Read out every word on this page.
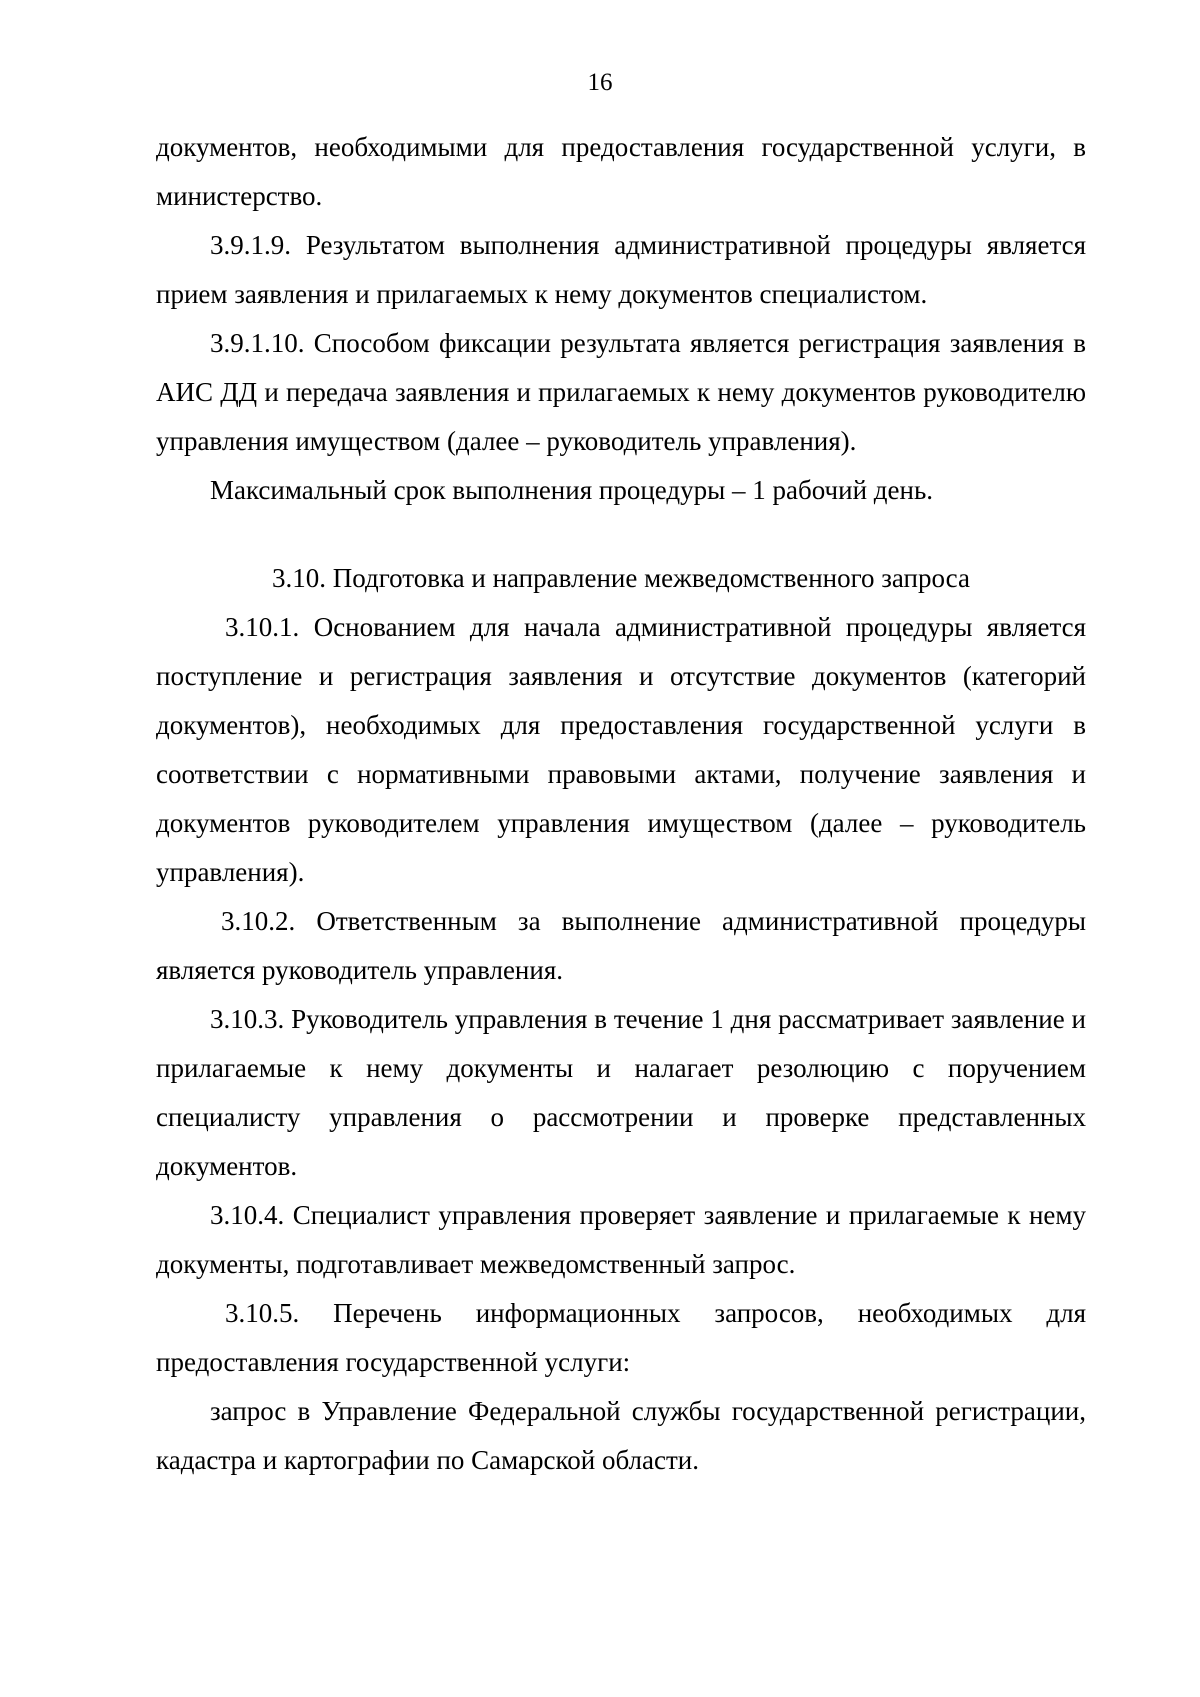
16

документов, необходимыми для предоставления государственной услуги, в министерство.

3.9.1.9. Результатом выполнения административной процедуры является прием заявления и прилагаемых к нему документов специалистом.

3.9.1.10. Способом фиксации результата является регистрация заявления в АИС ДД и передача заявления и прилагаемых к нему документов руководителю управления имуществом (далее – руководитель управления).

Максимальный срок выполнения процедуры – 1 рабочий день.

3.10. Подготовка и направление межведомственного запроса

3.10.1. Основанием для начала административной процедуры является поступление и регистрация заявления и отсутствие документов (категорий документов), необходимых для предоставления государственной услуги в соответствии с нормативными правовыми актами, получение заявления и документов руководителем управления имуществом (далее – руководитель управления).

3.10.2. Ответственным за выполнение административной процедуры является руководитель управления.

3.10.3. Руководитель управления в течение 1 дня рассматривает заявление и прилагаемые к нему документы и налагает резолюцию с поручением специалисту управления о рассмотрении и проверке представленных документов.

3.10.4. Специалист управления проверяет заявление и прилагаемые к нему документы, подготавливает межведомственный запрос.

3.10.5. Перечень информационных запросов, необходимых для предоставления государственной услуги:

запрос в Управление Федеральной службы государственной регистрации, кадастра и картографии по Самарской области.
